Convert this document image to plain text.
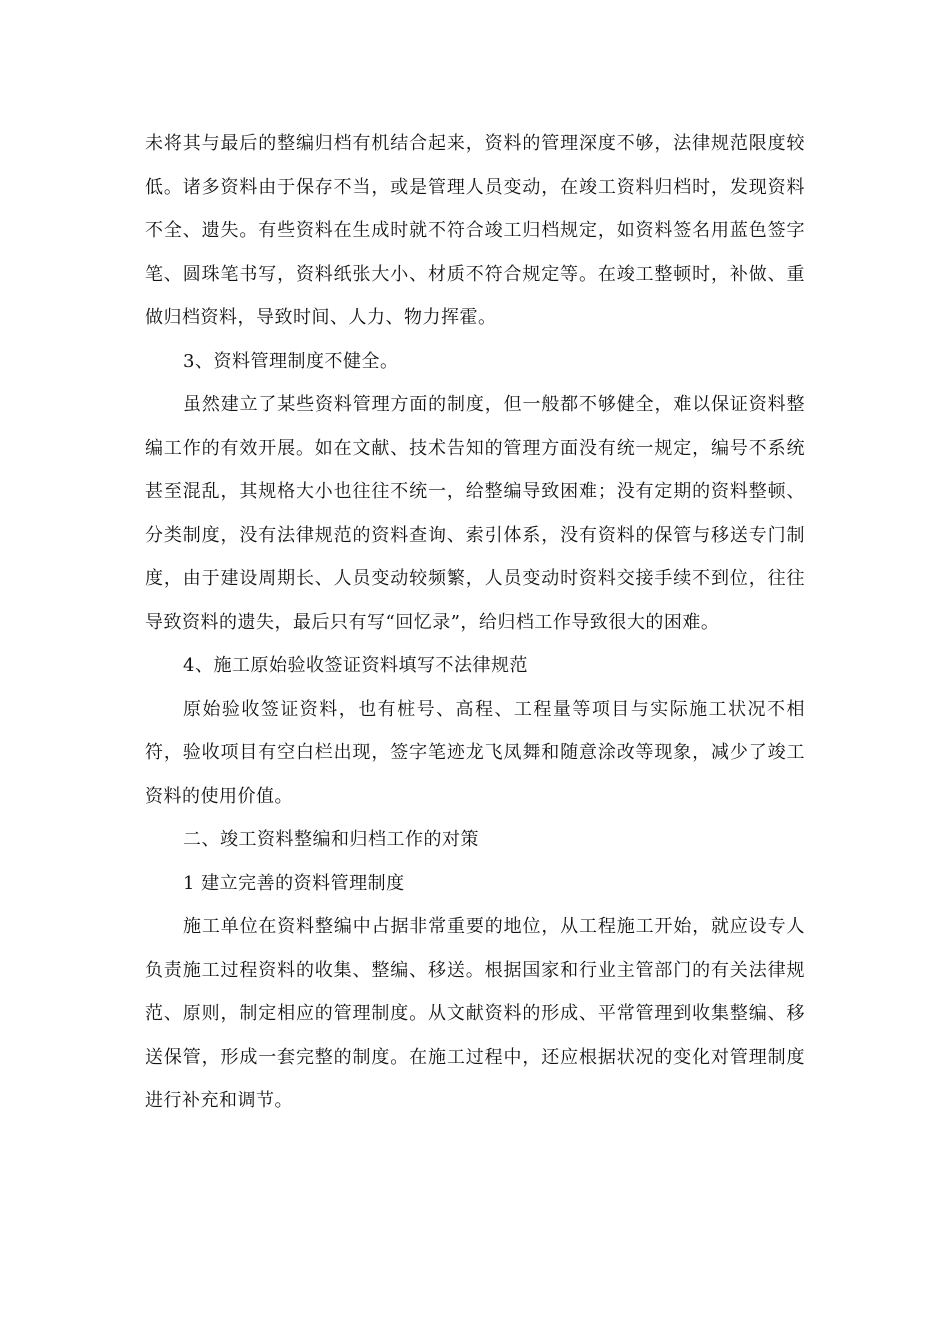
未将其与最后的整编归档有机结合起来，资料的管理深度不够，法律规范限度较低。诸多资料由于保存不当，或是管理人员变动，在竣工资料归档时，发现资料不全、遗失。有些资料在生成时就不符合竣工归档规定，如资料签名用蓝色签字笔、圆珠笔书写，资料纸张大小、材质不符合规定等。在竣工整顿时，补做、重做归档资料，导致时间、人力、物力挥霍。

3、资料管理制度不健全。

虽然建立了某些资料管理方面的制度，但一般都不够健全，难以保证资料整编工作的有效开展。如在文献、技术告知的管理方面没有统一规定，编号不系统甚至混乱，其规格大小也往往不统一，给整编导致困难；没有定期的资料整顿、分类制度，没有法律规范的资料查询、索引体系，没有资料的保管与移送专门制度，由于建设周期长、人员变动较频繁，人员变动时资料交接手续不到位，往往导致资料的遗失，最后只有写“回忆录”，给归档工作导致很大的困难。

4、施工原始验收签证资料填写不法律规范

原始验收签证资料，也有桩号、高程、工程量等项目与实际施工状况不相符，验收项目有空白栏出现，签字笔迹龙飞凤舞和随意涂改等现象，减少了竣工资料的使用价值。

二、竣工资料整编和归档工作的对策

1 建立完善的资料管理制度

施工单位在资料整编中占据非常重要的地位，从工程施工开始，就应设专人负责施工过程资料的收集、整编、移送。根据国家和行业主管部门的有关法律规范、原则，制定相应的管理制度。从文献资料的形成、平常管理到收集整编、移送保管，形成一套完整的制度。在施工过程中，还应根据状况的变化对管理制度进行补充和调节。
